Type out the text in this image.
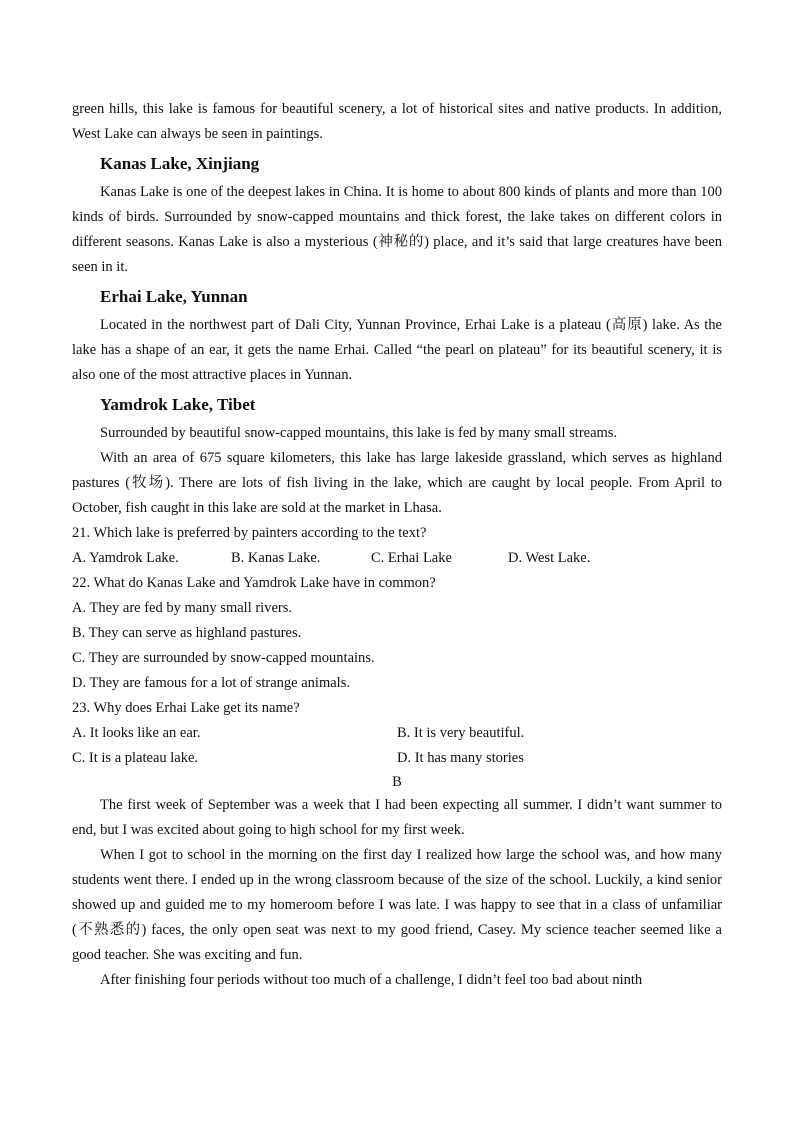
green hills, this lake is famous for beautiful scenery, a lot of historical sites and native products. In addition, West Lake can always be seen in paintings.

Kanas Lake, Xinjiang

Kanas Lake is one of the deepest lakes in China. It is home to about 800 kinds of plants and more than 100 kinds of birds. Surrounded by snow-capped mountains and thick forest, the lake takes on different colors in different seasons. Kanas Lake is also a mysterious (神秘的) place, and it’s said that large creatures have been seen in it.

Erhai Lake, Yunnan

Located in the northwest part of Dali City, Yunnan Province, Erhai Lake is a plateau (高原) lake. As the lake has a shape of an ear, it gets the name Erhai. Called “the pearl on plateau” for its beautiful scenery, it is also one of the most attractive places in Yunnan.

Yamdrok Lake, Tibet

Surrounded by beautiful snow-capped mountains, this lake is fed by many small streams.

With an area of 675 square kilometers, this lake has large lakeside grassland, which serves as highland pastures (牧场). There are lots of fish living in the lake, which are caught by local people. From April to October, fish caught in this lake are sold at the market in Lhasa.

21. Which lake is preferred by painters according to the text?

A. Yamdrok Lake.	B. Kanas Lake.	C. Erhai Lake	D. West Lake.

22. What do Kanas Lake and Yamdrok Lake have in common?

A. They are fed by many small rivers.

B. They can serve as highland pastures.

C. They are surrounded by snow-capped mountains.

D. They are famous for a lot of strange animals.

23. Why does Erhai Lake get its name?

A. It looks like an ear.	B. It is very beautiful.
C. It is a plateau lake.	D. It has many stories
B

The first week of September was a week that I had been expecting all summer. I didn’t want summer to end, but I was excited about going to high school for my first week.

When I got to school in the morning on the first day I realized how large the school was, and how many students went there. I ended up in the wrong classroom because of the size of the school. Luckily, a kind senior showed up and guided me to my homeroom before I was late. I was happy to see that in a class of unfamiliar (不熟悉的) faces, the only open seat was next to my good friend, Casey. My science teacher seemed like a good teacher. She was exciting and fun.

After finishing four periods without too much of a challenge, I didn’t feel too bad about ninth
